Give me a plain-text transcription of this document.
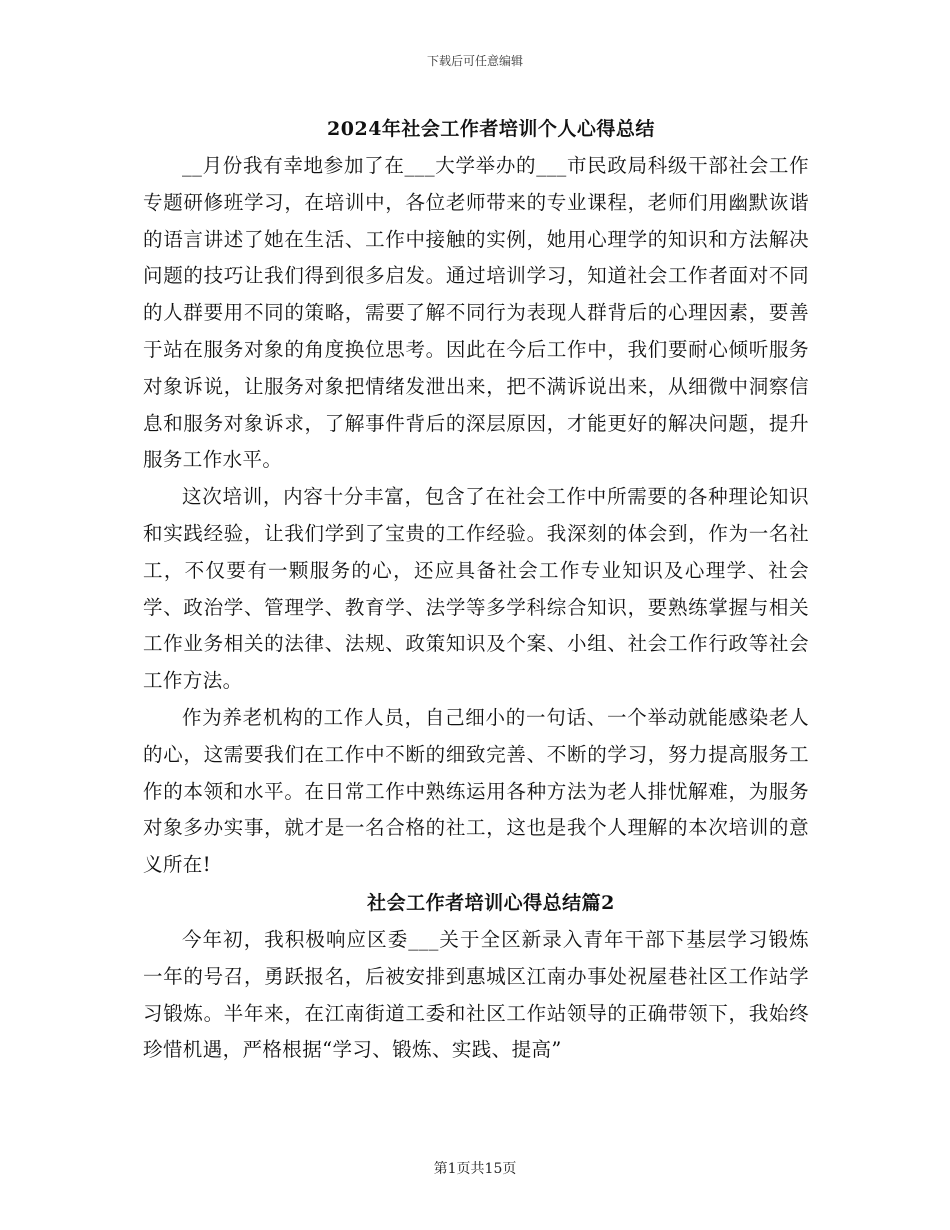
下载后可任意编辑
2024年社会工作者培训个人心得总结

__月份我有幸地参加了在___大学举办的___市民政局科级干部社会工作专题研修班学习，在培训中，各位老师带来的专业课程，老师们用幽默诙谐的语言讲述了她在生活、工作中接触的实例，她用心理学的知识和方法解决问题的技巧让我们得到很多启发。通过培训学习，知道社会工作者面对不同的人群要用不同的策略，需要了解不同行为表现人群背后的心理因素，要善于站在服务对象的角度换位思考。因此在今后工作中，我们要耐心倾听服务对象诉说，让服务对象把情绪发泄出来，把不满诉说出来，从细微中洞察信息和服务对象诉求，了解事件背后的深层原因，才能更好的解决问题，提升服务工作水平。

这次培训，内容十分丰富，包含了在社会工作中所需要的各种理论知识和实践经验，让我们学到了宝贵的工作经验。我深刻的体会到，作为一名社工，不仅要有一颗服务的心，还应具备社会工作专业知识及心理学、社会学、政治学、管理学、教育学、法学等多学科综合知识，要熟练掌握与相关工作业务相关的法律、法规、政策知识及个案、小组、社会工作行政等社会工作方法。

作为养老机构的工作人员，自己细小的一句话、一个举动就能感染老人的心，这需要我们在工作中不断的细致完善、不断的学习，努力提高服务工作的本领和水平。在日常工作中熟练运用各种方法为老人排忧解难，为服务对象多办实事，就才是一名合格的社工，这也是我个人理解的本次培训的意义所在!

社会工作者培训心得总结篇2

今年初，我积极响应区委___关于全区新录入青年干部下基层学习锻炼一年的号召，勇跃报名，后被安排到惠城区江南办事处祝屋巷社区工作站学习锻炼。半年来，在江南街道工委和社区工作站领导的正确带领下，我始终珍惜机遇，严格根据“学习、锻炼、实践、提高”

第1页共15页
